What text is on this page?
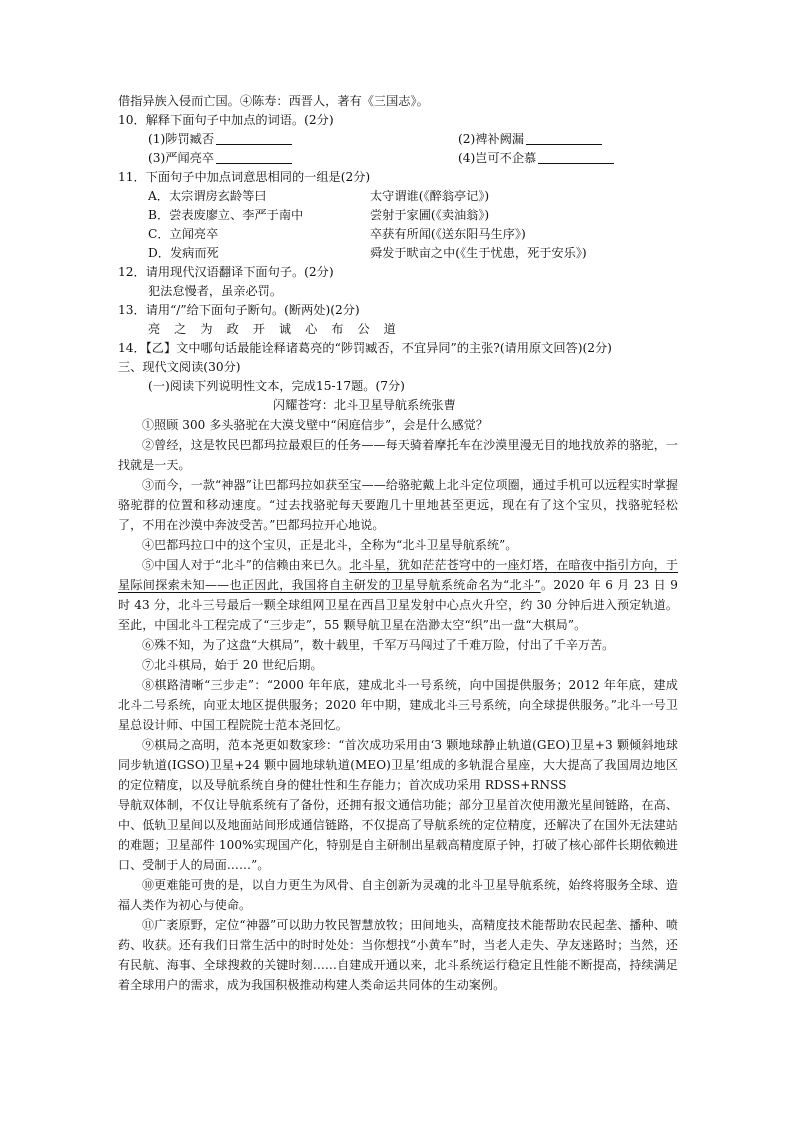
借指异族入侵而亡国。④陈寿：西晋人，著有《三国志》。
10．解释下面句子中加点的词语。(2分)
(1)陟罚臧否	(2)裨补阙漏
(3)严闻亮卒	(4)岂可不企慕
11．下面句子中加点词意思相同的一组是(2分)
A．太宗谓房玄龄等曰	太守谓谁(《醉翁亭记》)
B．尝表废廖立、李严于南中	尝射于家圃(《卖油翁》)
C．立闻亮卒	卒获有所闻(《送东阳马生序》)
D．发病而死	舜发于畎亩之中(《生于忧患，死于安乐》)
12．请用现代汉语翻译下面句子。(2分)
犯法怠慢者，虽亲必罚。
13．请用“/”给下面句子断句。(断两处)(2分)
亮之为政开诚心布公道
14．【乙】文中哪句话最能诠释诸葛亮的“陟罚臧否，不宜异同”的主张?(请用原文回答)(2分)
三、现代文阅读(30分)
(一)阅读下列说明性文本，完成15-17题。(7分)
闪耀苍穹：北斗卫星导航系统张曹
①照顾 300 多头骆驼在大漠戈壁中“闲庭信步”，会是什么感觉？
②曾经，这是牧民巴都玛拉最艰巨的任务——每天骑着摩托车在沙漠里漫无目的地找放养的骆驼，一找就是一天。
③而今，一款“神器”让巴都玛拉如获至宝——给骆驼戴上北斗定位项圈，通过手机可以远程实时掌握骆驼群的位置和移动速度。“过去找骆驼每天要跑几十里地甚至更远，现在有了这个宝贝，找骆驼轻松了，不用在沙漠中奔波受苦。”巴都玛拉开心地说。
④巴都玛拉口中的这个宝贝，正是北斗，全称为“北斗卫星导航系统”。
⑤中国人对于“北斗”的信赖由来已久。北斗星，犹如茫茫苍穹中的一座灯塔，在暗夜中指引方向，于星际间探索未知——也正因此，我国将自主研发的卫星导航系统命名为“北斗”。2020 年 6 月 23 日 9 时 43 分，北斗三号最后一颗全球组网卫星在西昌卫星发射中心点火升空，约 30 分钟后进入预定轨道。至此，中国北斗工程完成了“三步走”，55 颗导航卫星在浩渺太空“织”出一盘“大棋局”。
⑥殊不知，为了这盘“大棋局”，数十载里，千军万马闯过了千难万险，付出了千辛万苦。
⑦北斗棋局，始于 20 世纪后期。
⑧棋路清晰“三步走”：“2000 年年底，建成北斗一号系统，向中国提供服务；2012 年年底，建成北斗二号系统，向亚太地区提供服务；2020 年中期，建成北斗三号系统，向全球提供服务。”北斗一号卫星总设计师、中国工程院院士范本尧回忆。
⑨棋局之高明，范本尧更如数家珍：“首次成功采用由‘3 颗地球静止轨道(GEO)卫星+3 颗倾斜地球同步轨道(IGSO)卫星+24 颗中圆地球轨道(MEO)卫星’组成的多轨混合星座，大大提高了我国周边地区的定位精度，以及导航系统自身的健壮性和生存能力；首次成功采用 RDSS+RNSS
导航双体制，不仅让导航系统有了备份，还拥有报文通信功能；部分卫星首次使用激光星间链路，在高、中、低轨卫星间以及地面站间形成通信链路，不仅提高了导航系统的定位精度，还解决了在国外无法建站的难题；卫星部件 100%实现国产化，特别是自主研制出星载高精度原子钟，打破了核心部件长期依赖进口、受制于人的局面……”。
⑩更难能可贵的是，以自力更生为风骨、自主创新为灵魂的北斗卫星导航系统，始终将服务全球、造福人类作为初心与使命。
⑪广袤原野，定位“神器”可以助力牧民智慧放牧；田间地头，高精度技术能帮助农民起垄、播种、喷药、收获。还有我们日常生活中的时时处处：当你想找“小黄车”时，当老人走失、孕友迷路时；当然，还有民航、海事、全球搜救的关键时刻……自建成开通以来，北斗系统运行稳定且性能不断提高，持续满足着全球用户的需求，成为我国积极推动构建人类命运共同体的生动案例。
